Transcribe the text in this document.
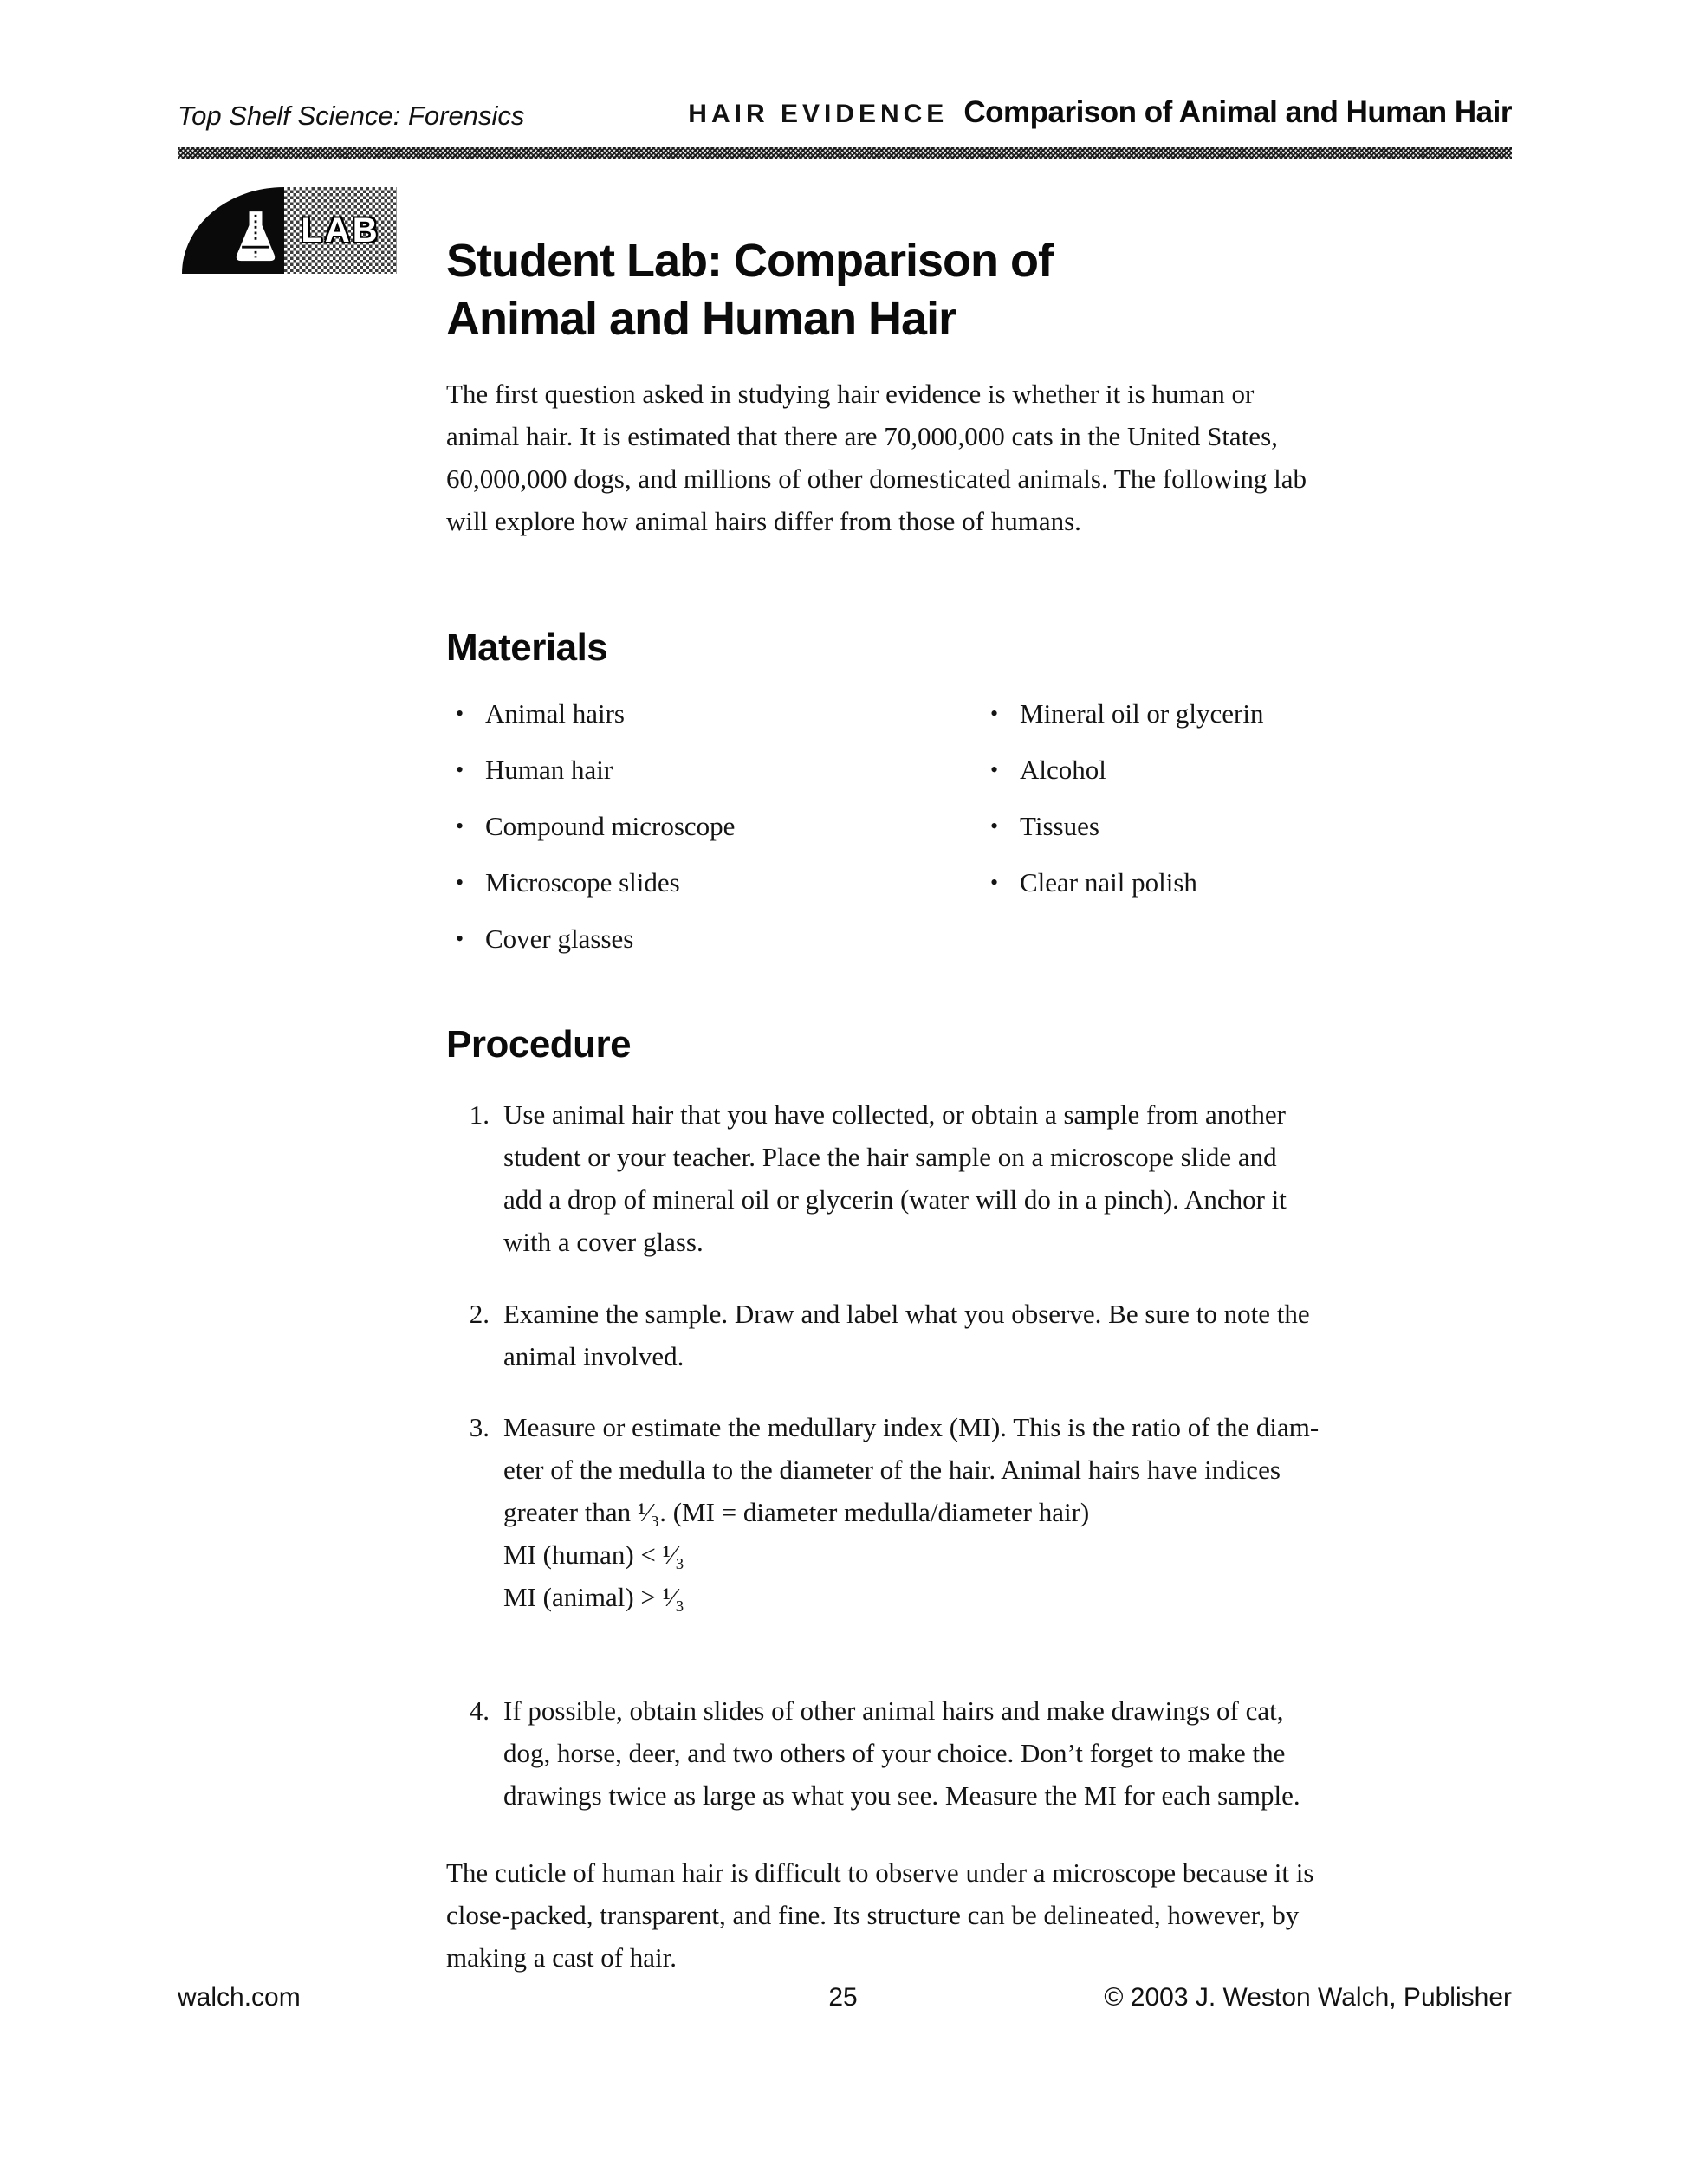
Top Shelf Science: Forensics	HAIR EVIDENCE Comparison of Animal and Human Hair
LAB
Student Lab: Comparison of
Animal and Human Hair
The first question asked in studying hair evidence is whether it is human or
animal hair. It is estimated that there are 70,000,000 cats in the United States,
60,000,000 dogs, and millions of other domesticated animals. The following lab
will explore how animal hairs differ from those of humans.
Materials
• Animal hairs
• Human hair
• Compound microscope
• Microscope slides
• Cover glasses
• Mineral oil or glycerin
• Alcohol
• Tissues
• Clear nail polish
Procedure
1. Use animal hair that you have collected, or obtain a sample from another
student or your teacher. Place the hair sample on a microscope slide and
add a drop of mineral oil or glycerin (water will do in a pinch). Anchor it
with a cover glass.
2. Examine the sample. Draw and label what you observe. Be sure to note the
animal involved.
3. Measure or estimate the medullary index (MI). This is the ratio of the diam-
eter of the medulla to the diameter of the hair. Animal hairs have indices
greater than ¹⁄₃. (MI = diameter medulla/diameter hair)
MI (human) < ¹⁄₃
MI (animal) > ¹⁄₃
4. If possible, obtain slides of other animal hairs and make drawings of cat,
dog, horse, deer, and two others of your choice. Don’t forget to make the
drawings twice as large as what you see. Measure the MI for each sample.
The cuticle of human hair is difficult to observe under a microscope because it is
close-packed, transparent, and fine. Its structure can be delineated, however, by
making a cast of hair.
walch.com	25	© 2003 J. Weston Walch, Publisher
